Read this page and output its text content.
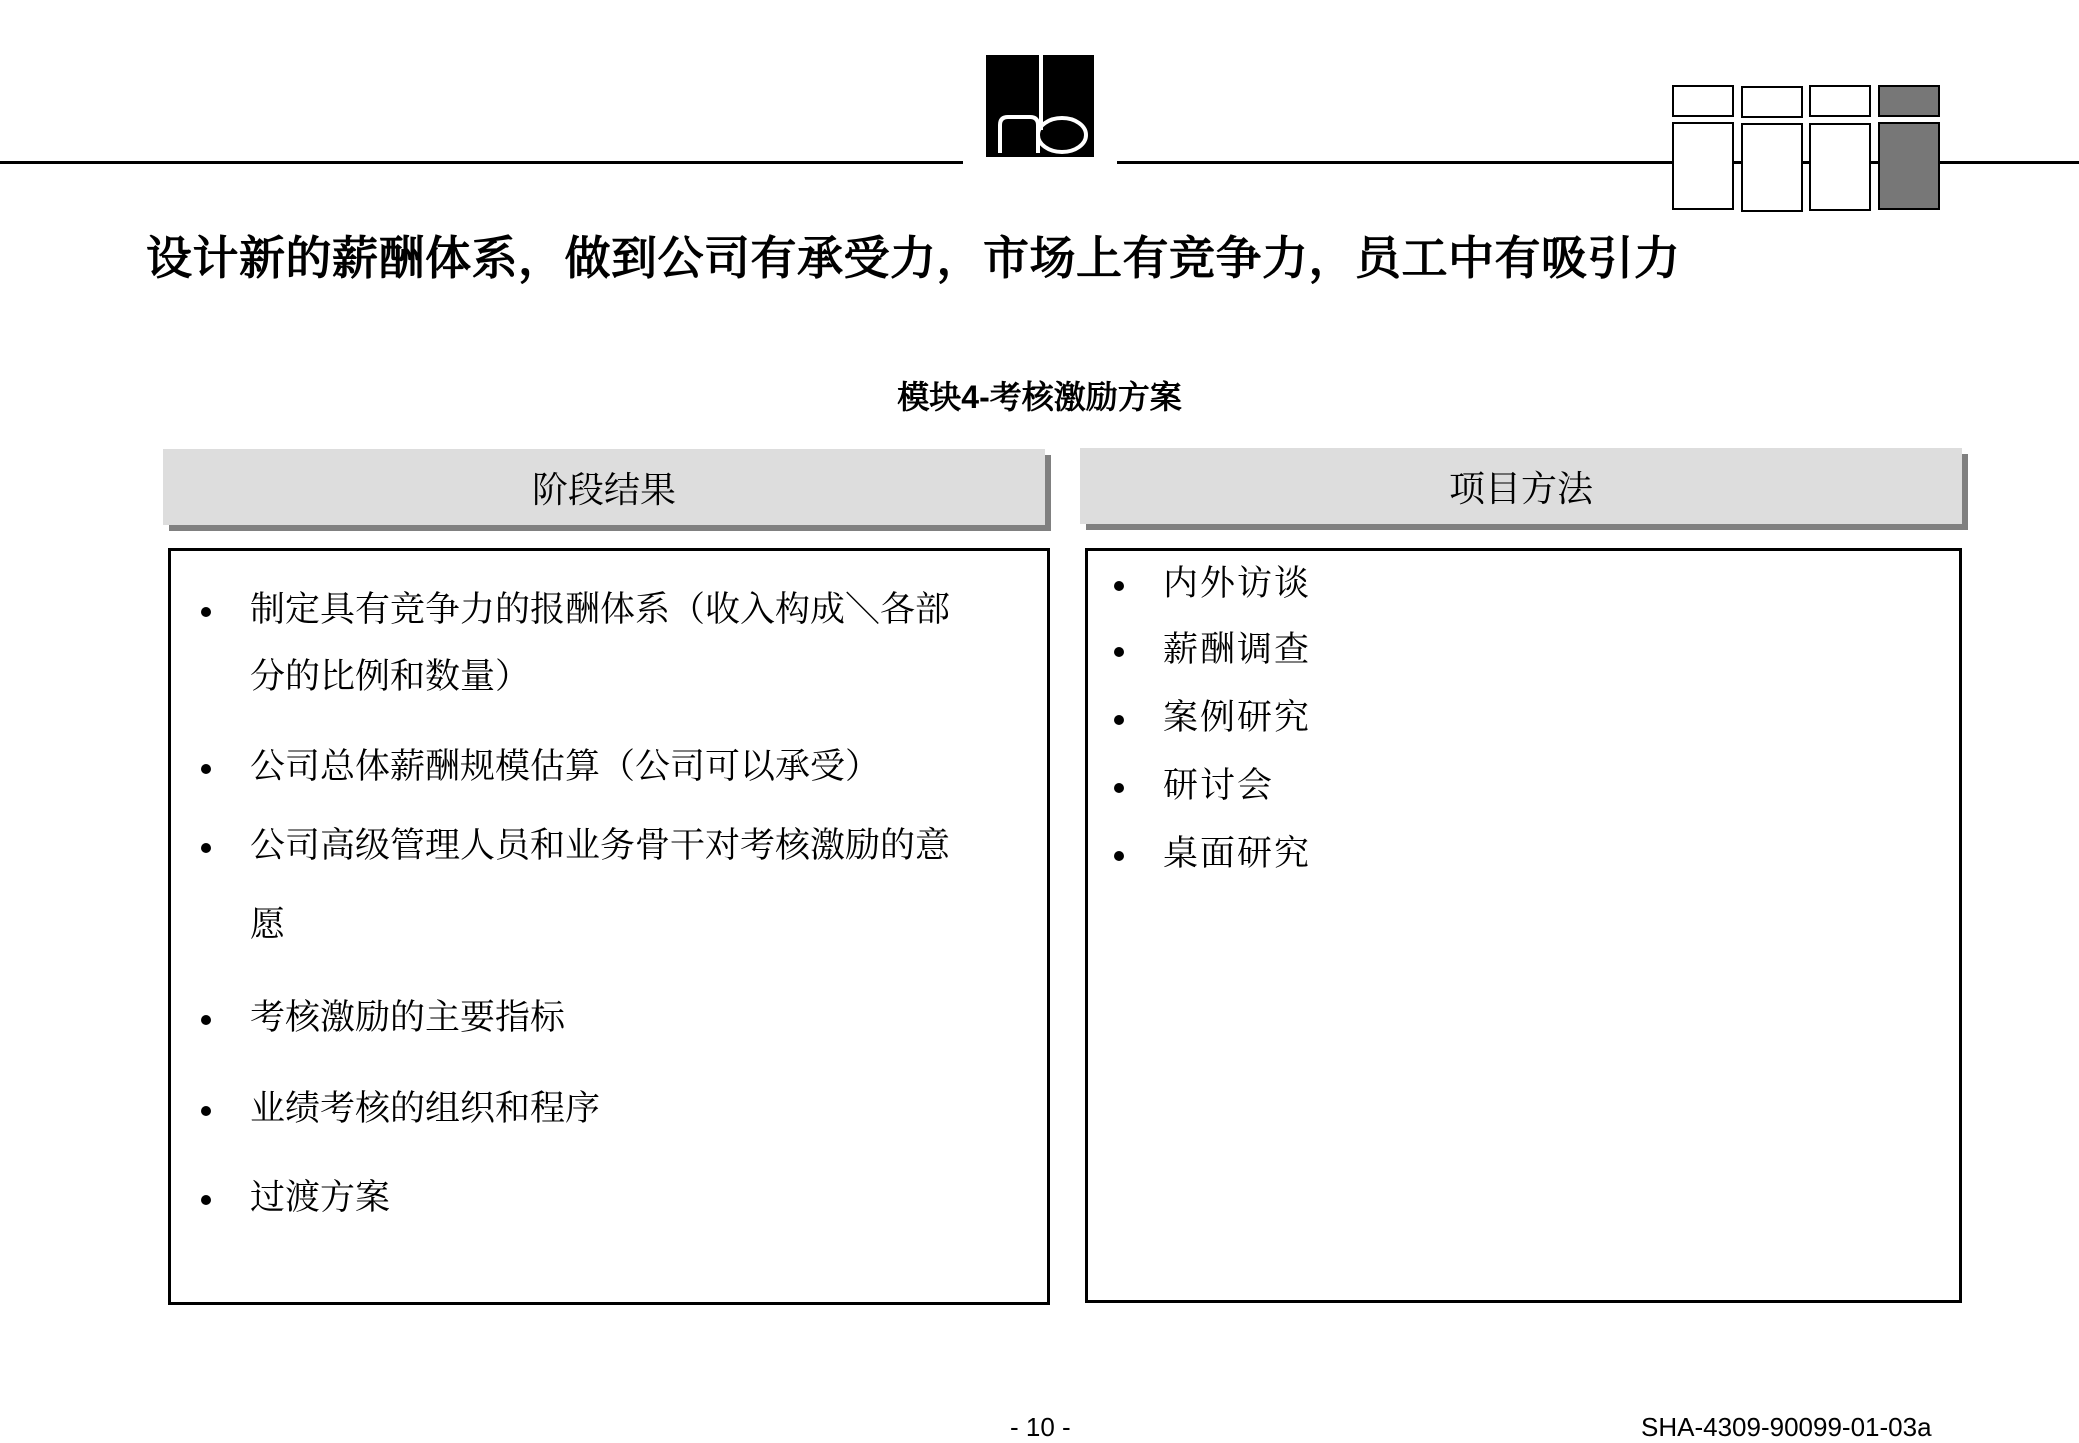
设计新的薪酬体系，做到公司有承受力，市场上有竞争力，员工中有吸引力
模块4-考核激励方案
阶段结果
制定具有竞争力的报酬体系（收入构成＼各部
分的比例和数量）
公司总体薪酬规模估算（公司可以承受）
公司高级管理人员和业务骨干对考核激励的意
愿
考核激励的主要指标
业绩考核的组织和程序
过渡方案
项目方法
内外访谈
薪酬调查
案例研究
研讨会
桌面研究
- 10 -	SHA-4309-90099-01-03a
